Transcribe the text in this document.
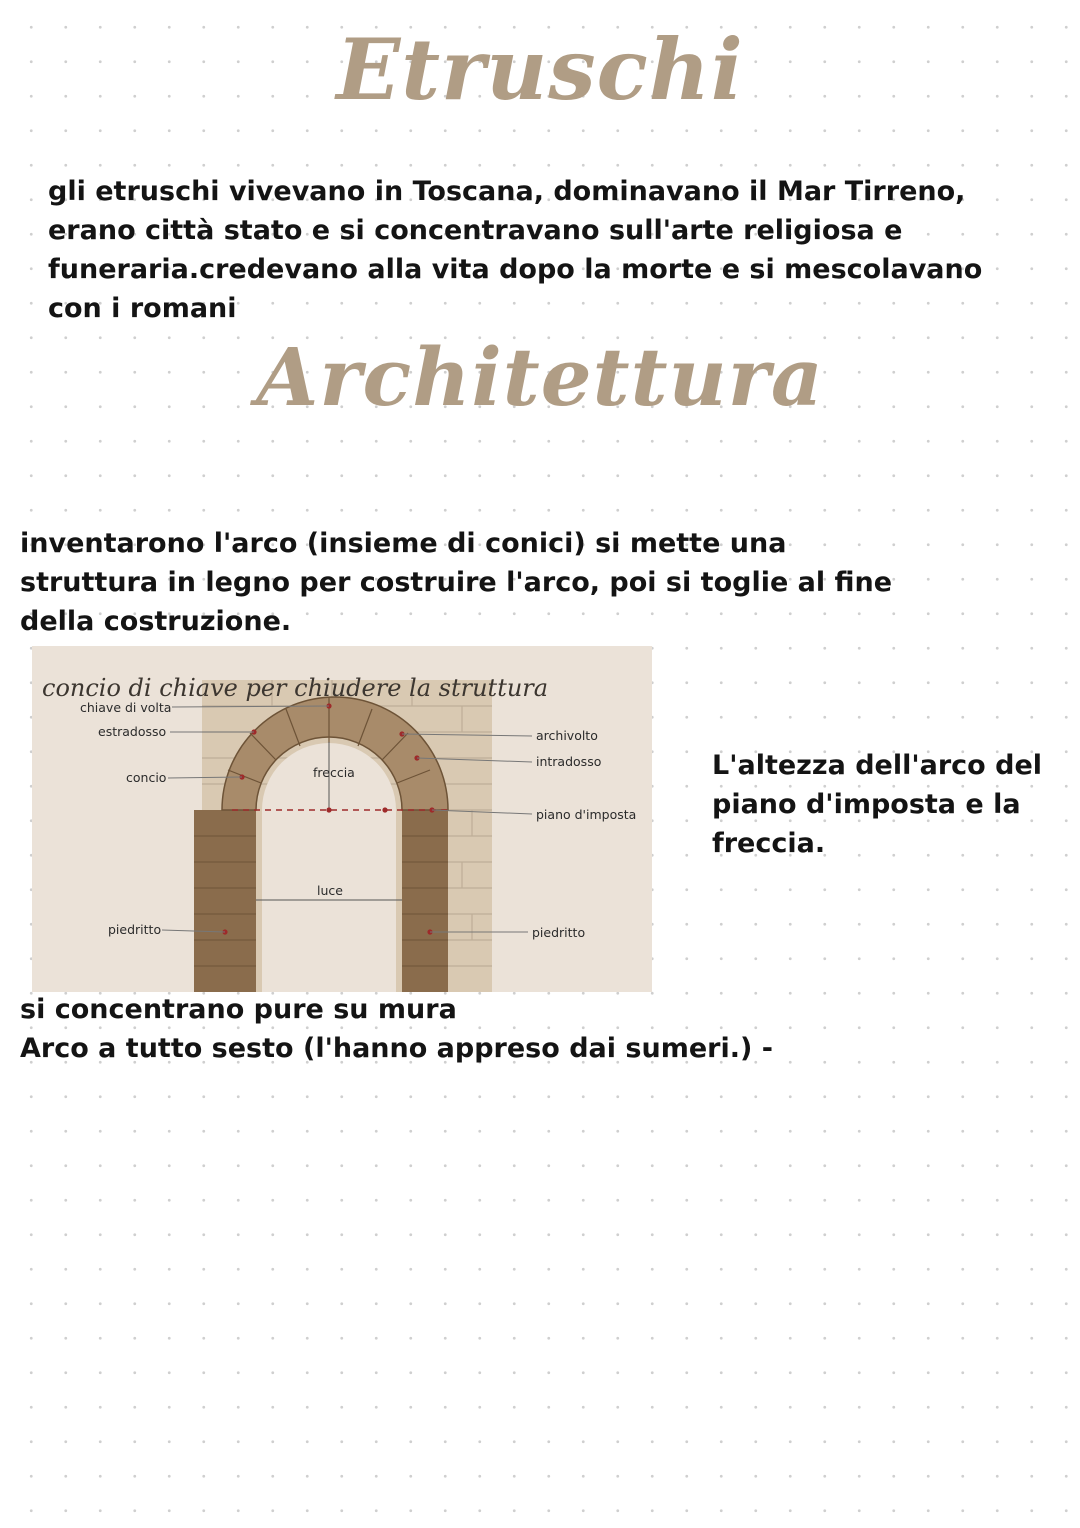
Etruschi

gli etruschi vivevano in Toscana, dominavano il Mar Tirreno,
erano città stato e si concentravano sull'arte religiosa e
funeraria.credevano alla vita dopo la morte e si mescolavano
con i romani

Architettura

inventarono l'arco (insieme di conici) si mette una
struttura in legno per costruire l'arco, poi si toglie al fine
della costruzione.

concio di chiave per chiudere la struttura
chiave di volta
estradosso
concio	freccia
archivolto
intradosso
piano d'imposta
luce
piedritto	piedritto

L'altezza dell'arco del
piano d'imposta e la
freccia.

si concentrano pure su mura
Arco a tutto sesto (l'hanno appreso dai sumeri.) -
